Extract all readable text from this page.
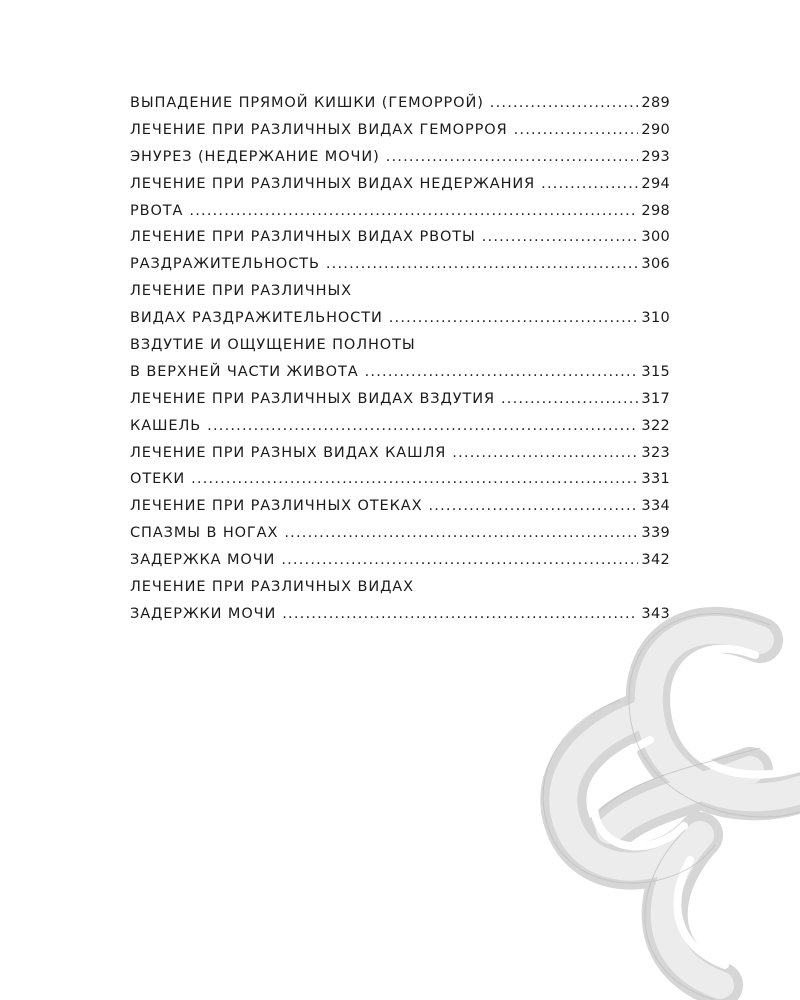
ВЫПАДЕНИЕ ПРЯМОЙ КИШКИ (ГЕМОРРОЙ) .....	289
ЛЕЧЕНИЕ ПРИ РАЗЛИЧНЫХ ВИДАХ ГЕМОРРОЯ .....	290
ЭНУРЕЗ (НЕДЕРЖАНИЕ МОЧИ) .....	293
ЛЕЧЕНИЕ ПРИ РАЗЛИЧНЫХ ВИДАХ НЕДЕРЖАНИЯ .....	294
РВОТА .....	298
ЛЕЧЕНИЕ ПРИ РАЗЛИЧНЫХ ВИДАХ РВОТЫ .....	300
РАЗДРАЖИТЕЛЬНОСТЬ .....	306
ЛЕЧЕНИЕ ПРИ РАЗЛИЧНЫХ
ВИДАХ РАЗДРАЖИТЕЛЬНОСТИ .....	310
ВЗДУТИЕ И ОЩУЩЕНИЕ ПОЛНОТЫ
В ВЕРХНЕЙ ЧАСТИ ЖИВОТА .....	315
ЛЕЧЕНИЕ ПРИ РАЗЛИЧНЫХ ВИДАХ ВЗДУТИЯ .....	317
КАШЕЛЬ .....	322
ЛЕЧЕНИЕ ПРИ РАЗНЫХ ВИДАХ КАШЛЯ .....	323
ОТЕКИ .....	331
ЛЕЧЕНИЕ ПРИ РАЗЛИЧНЫХ ОТЕКАХ .....	334
СПАЗМЫ В НОГАХ .....	339
ЗАДЕРЖКА МОЧИ .....	342
ЛЕЧЕНИЕ ПРИ РАЗЛИЧНЫХ ВИДАХ
ЗАДЕРЖКИ МОЧИ .....	343
